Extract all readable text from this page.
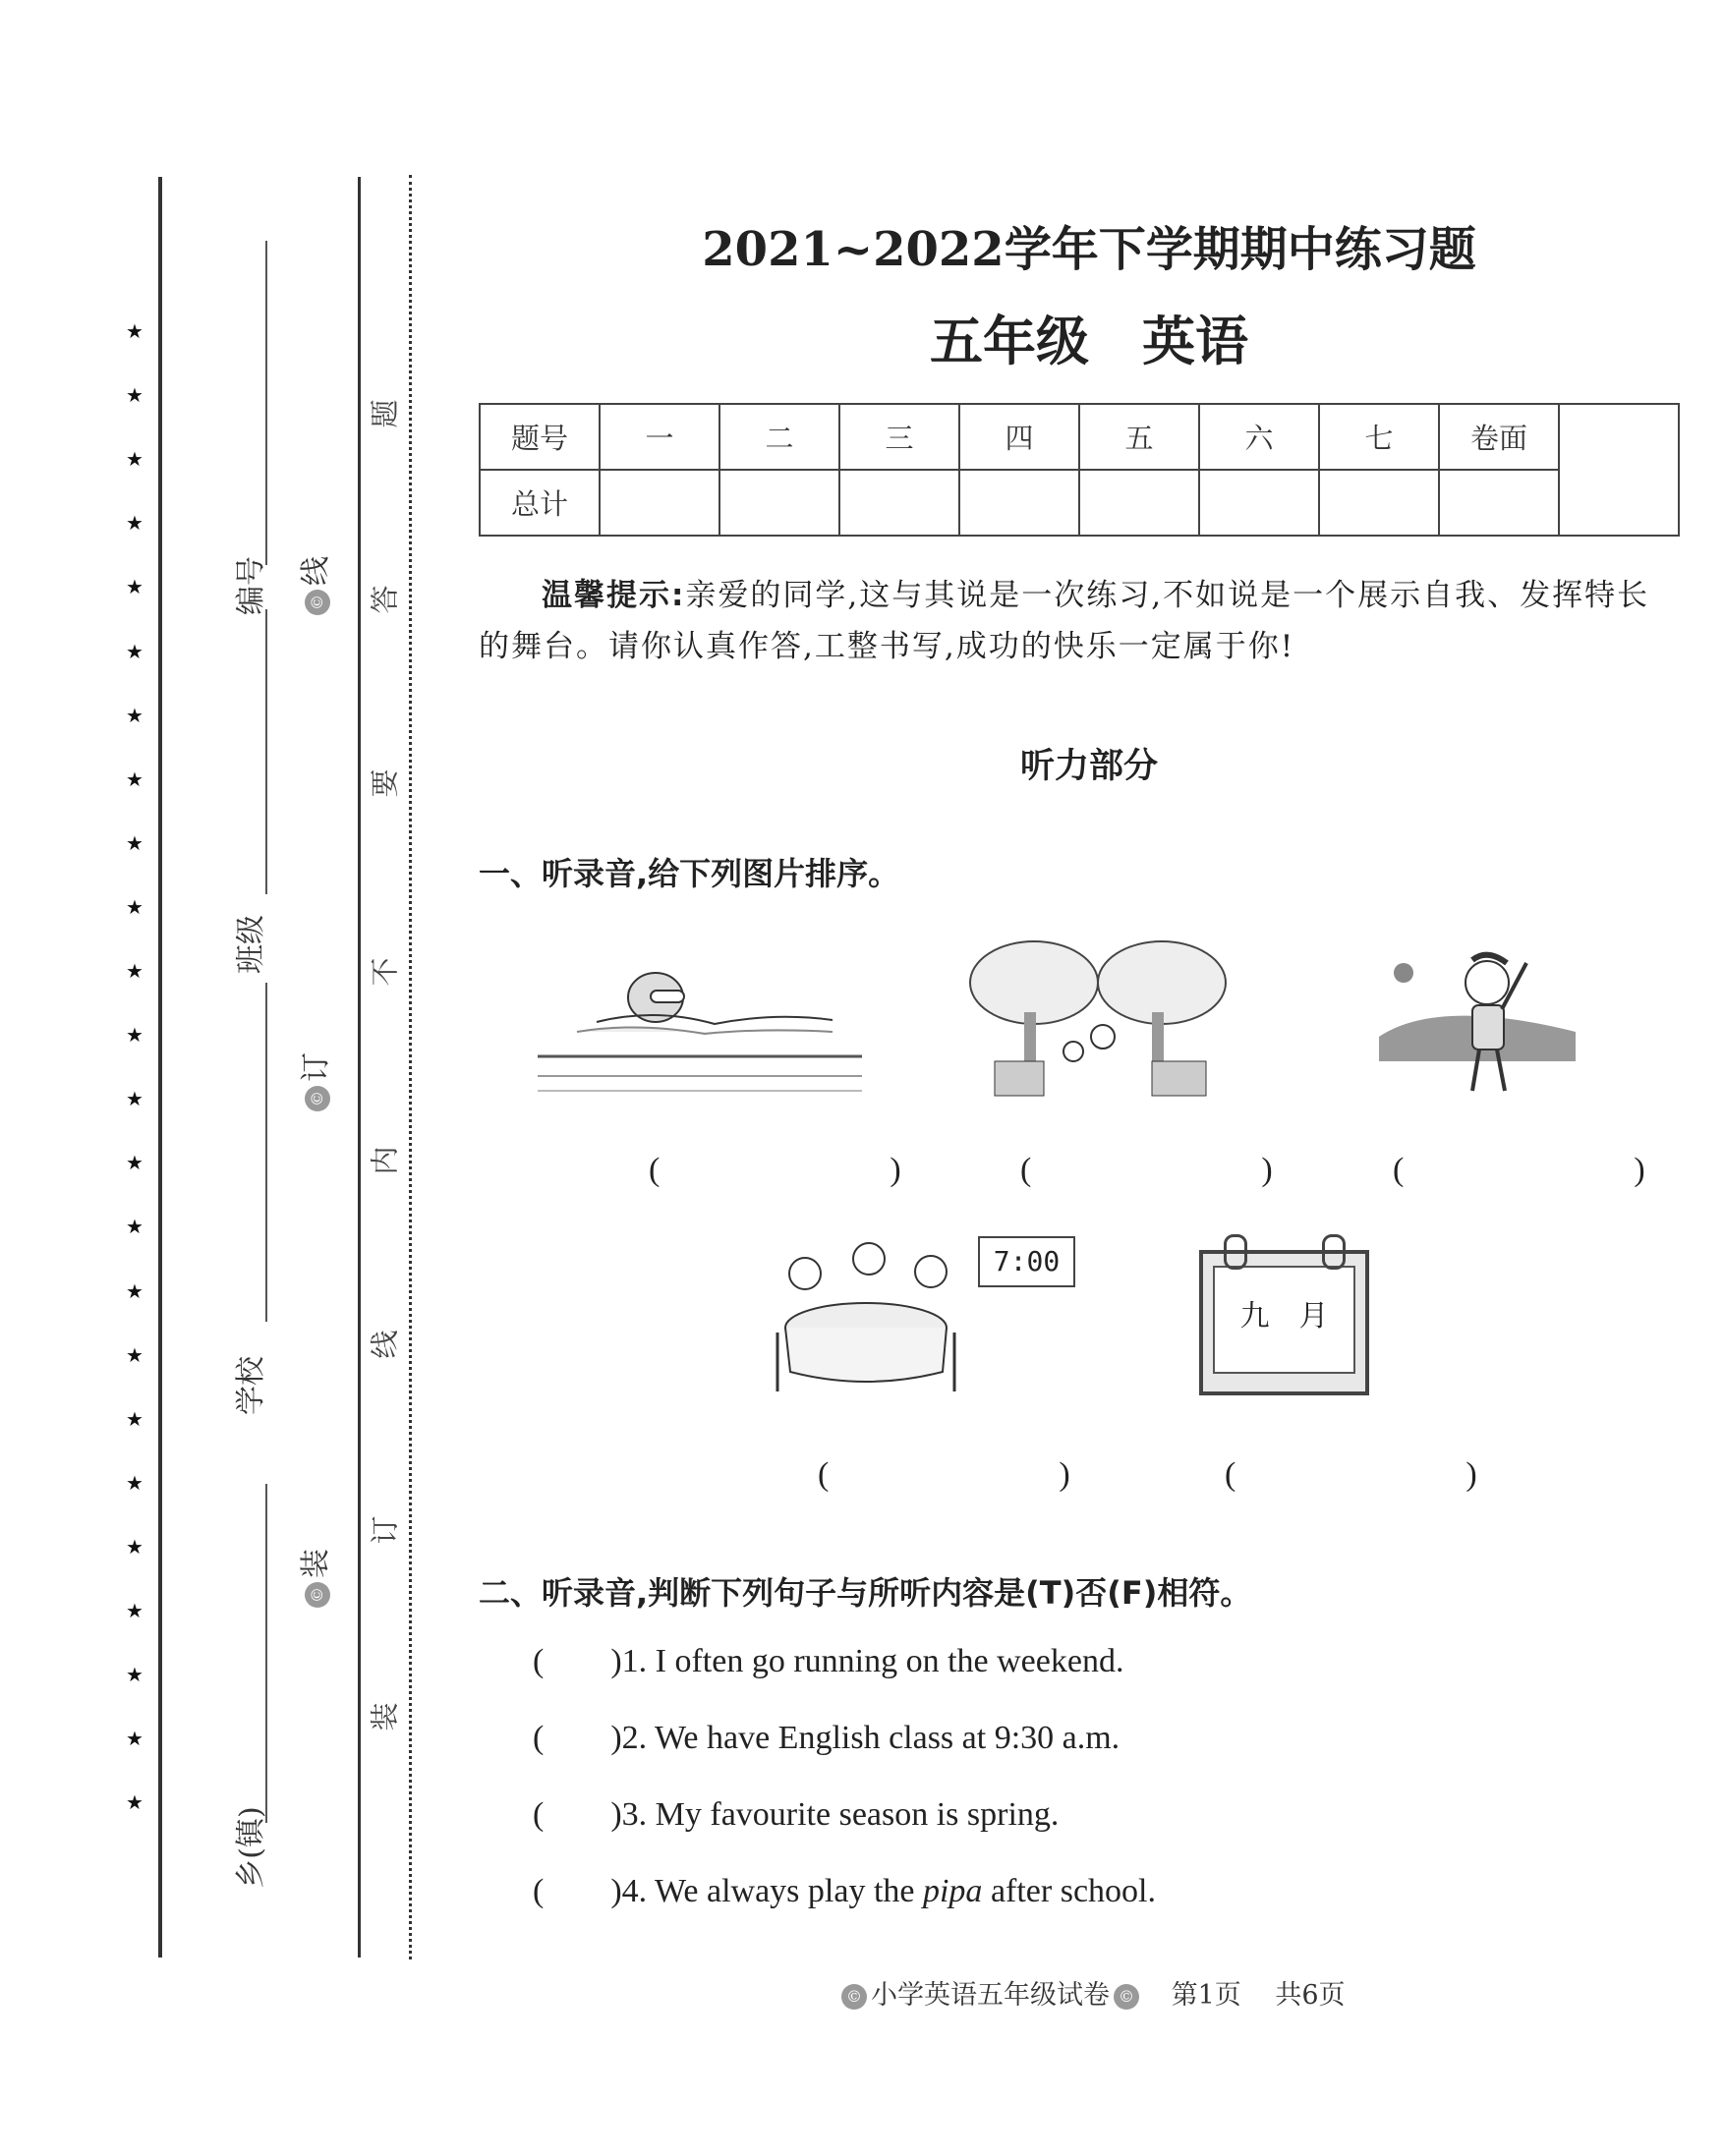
★
★
★
★
★
★
★
★
★
★
★
★
★
★
★
★
★
★
★
★
★
★
★
★
编号
班级
学校
乡(镇)
©线
©订
©装
题
答
要
不
内
线
订
装
2021~2022学年下学期期中练习题
五年级　英语
题号	一	二	三	四	五	六	七	卷面	
总计									
温馨提示:亲爱的同学,这与其说是一次练习,不如说是一个展示自我、发挥特长
的舞台。请你认真作答,工整书写,成功的快乐一定属于你!
听力部分
一、听录音,给下列图片排序。
(    )	(    )	(    )
7:00
九　月
(    )	(    )
二、听录音,判断下列句子与所听内容是(T)否(F)相符。
(        )1. I often go running on the weekend.
(        )2. We have English class at 9:30 a.m.
(        )3. My favourite season is spring.
(        )4. We always play the pipa after school.
© 小学英语五年级试卷 © 第1页 共6页
